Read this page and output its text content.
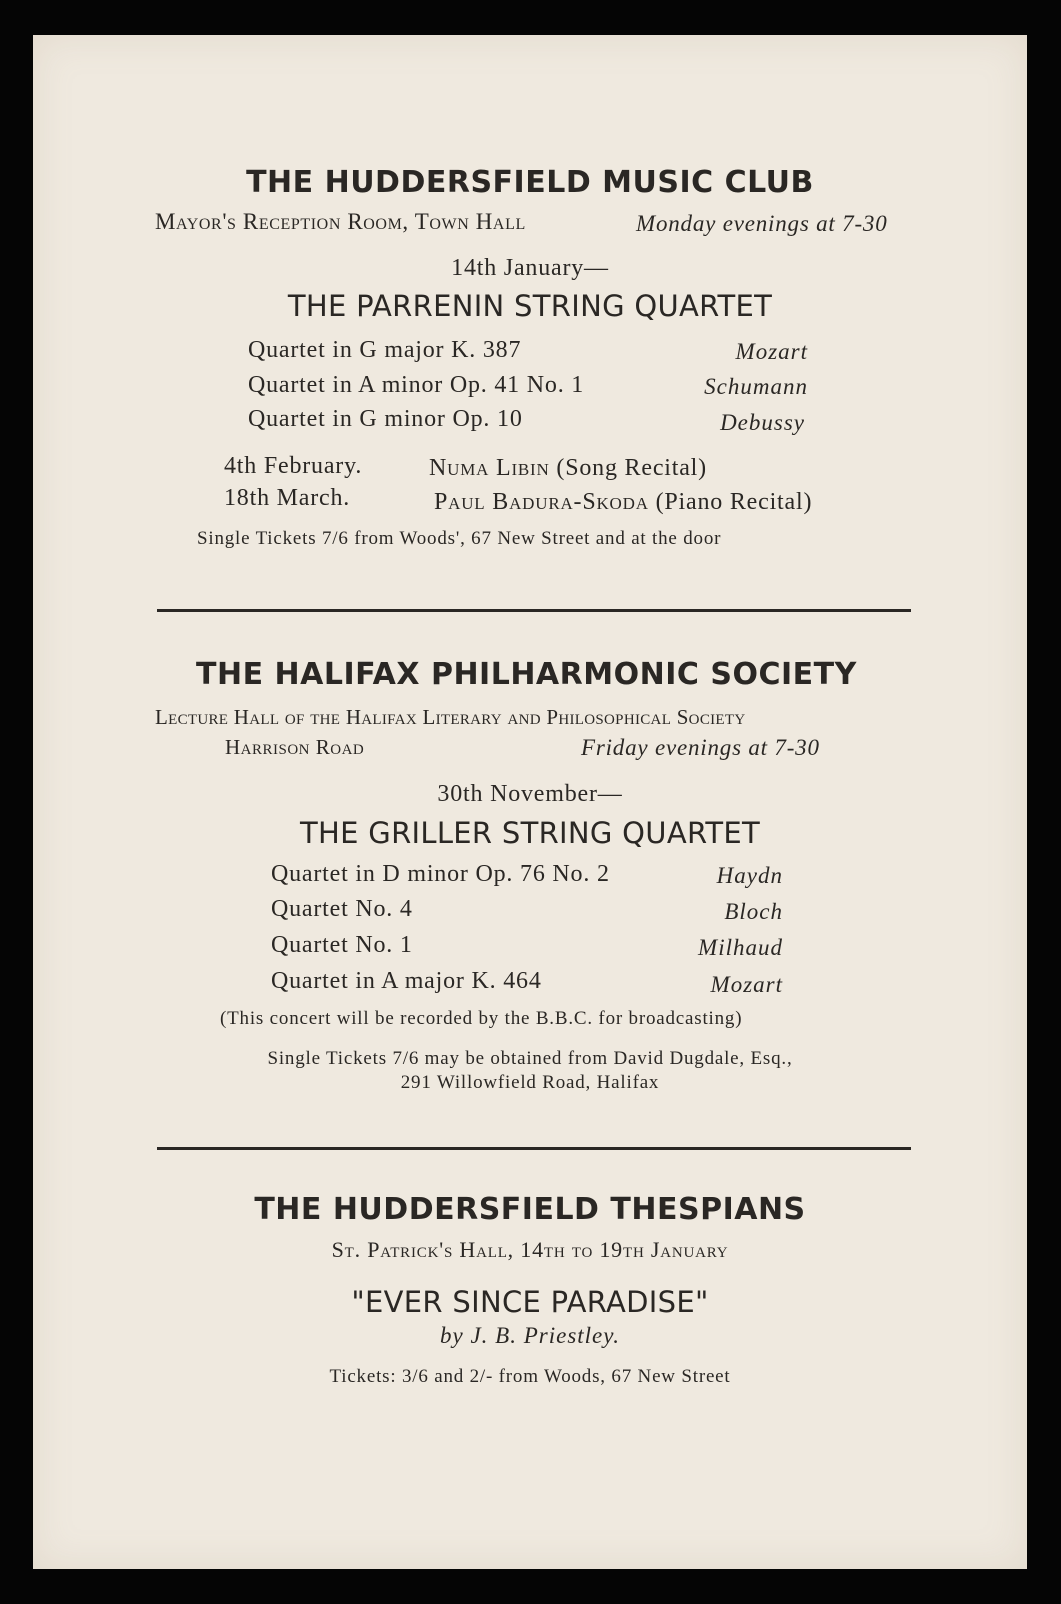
THE HUDDERSFIELD MUSIC CLUB
Mayor's Reception Room, Town Hall	Monday evenings at 7-30
14th January—
THE PARRENIN STRING QUARTET
Quartet in G major K. 387	Mozart
Quartet in A minor Op. 41 No. 1	Schumann
Quartet in G minor Op. 10	Debussy
4th February.	Numa Libin (Song Recital)
18th March.	Paul Badura-Skoda (Piano Recital)
Single Tickets 7/6 from Woods', 67 New Street and at the door
THE HALIFAX PHILHARMONIC SOCIETY
Lecture Hall of the Halifax Literary and Philosophical Society
Harrison Road	Friday evenings at 7-30
30th November—
THE GRILLER STRING QUARTET
Quartet in D minor Op. 76 No. 2	Haydn
Quartet No. 4	Bloch
Quartet No. 1	Milhaud
Quartet in A major K. 464	Mozart
(This concert will be recorded by the B.B.C. for broadcasting)
Single Tickets 7/6 may be obtained from David Dugdale, Esq.,
291 Willowfield Road, Halifax
THE HUDDERSFIELD THESPIANS
St. Patrick's Hall, 14th to 19th January
"EVER SINCE PARADISE"
by J. B. Priestley.
Tickets: 3/6 and 2/- from Woods, 67 New Street
